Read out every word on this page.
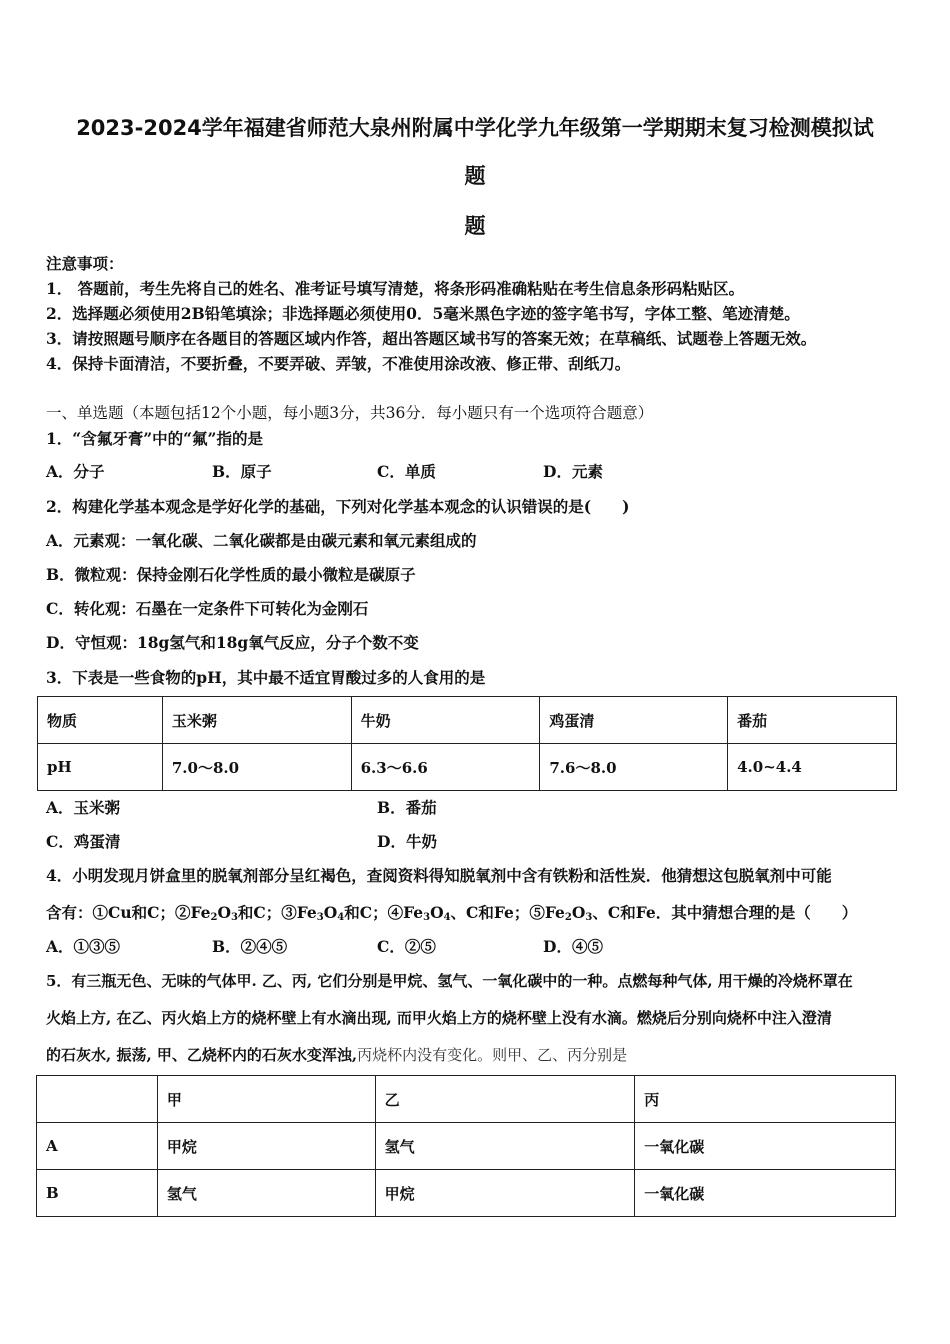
2023-2024学年福建省师范大泉州附属中学化学九年级第一学期期末复习检测模拟试
题
题
注意事项：
1． 答题前，考生先将自己的姓名、准考证号填写清楚，将条形码准确粘贴在考生信息条形码粘贴区。
2．选择题必须使用2B铅笔填涂；非选择题必须使用0．5毫米黑色字迹的签字笔书写，字体工整、笔迹清楚。
3．请按照题号顺序在各题目的答题区域内作答，超出答题区域书写的答案无效；在草稿纸、试题卷上答题无效。
4．保持卡面清洁，不要折叠，不要弄破、弄皱，不准使用涂改液、修正带、刮纸刀。
一、单选题（本题包括12个小题，每小题3分，共36分．每小题只有一个选项符合题意）
1．“含氟牙膏”中的“氟”指的是
A．分子	B．原子	C．单质	D．元素
2．构建化学基本观念是学好化学的基础，下列对化学基本观念的认识错误的是(　　)
A．元素观：一氧化碳、二氧化碳都是由碳元素和氧元素组成的
B．微粒观：保持金刚石化学性质的最小微粒是碳原子
C．转化观：石墨在一定条件下可转化为金刚石
D．守恒观：18g氢气和18g氧气反应，分子个数不变
3．下表是一些食物的pH，其中最不适宜胃酸过多的人食用的是
物质	玉米粥	牛奶	鸡蛋清	番茄
pH	7.0～8.0	6.3～6.6	7.6～8.0	4.0~4.4
A．玉米粥	B．番茄
C．鸡蛋清	D．牛奶
4．小明发现月饼盒里的脱氧剂部分呈红褐色，查阅资料得知脱氧剂中含有铁粉和活性炭．他猜想这包脱氧剂中可能
含有：①Cu和C；$②Fe_2O_3$和C；$③Fe_3O_4$和C；$④Fe_3O_4$、C和Fe；$⑤Fe_2O_3$、C和Fe．其中猜想合理的是（　　）
A．①③⑤	B．②④⑤	C．②⑤	D．④⑤
5．有三瓶无色、无味的气体甲. 乙、丙, 它们分别是甲烷、氢气、一氧化碳中的一种。点燃每种气体, 用干燥的冷烧杯罩在
火焰上方, 在乙、丙火焰上方的烧杯壁上有水滴出现, 而甲火焰上方的烧杯壁上没有水滴。燃烧后分别向烧杯中注入澄清
的石灰水, 振荡, 甲、乙烧杯内的石灰水变浑浊,丙烧杯内没有变化。则甲、乙、丙分别是
	甲	乙	丙
A	甲烷	氢气	一氧化碳
B	氢气	甲烷	一氧化碳
